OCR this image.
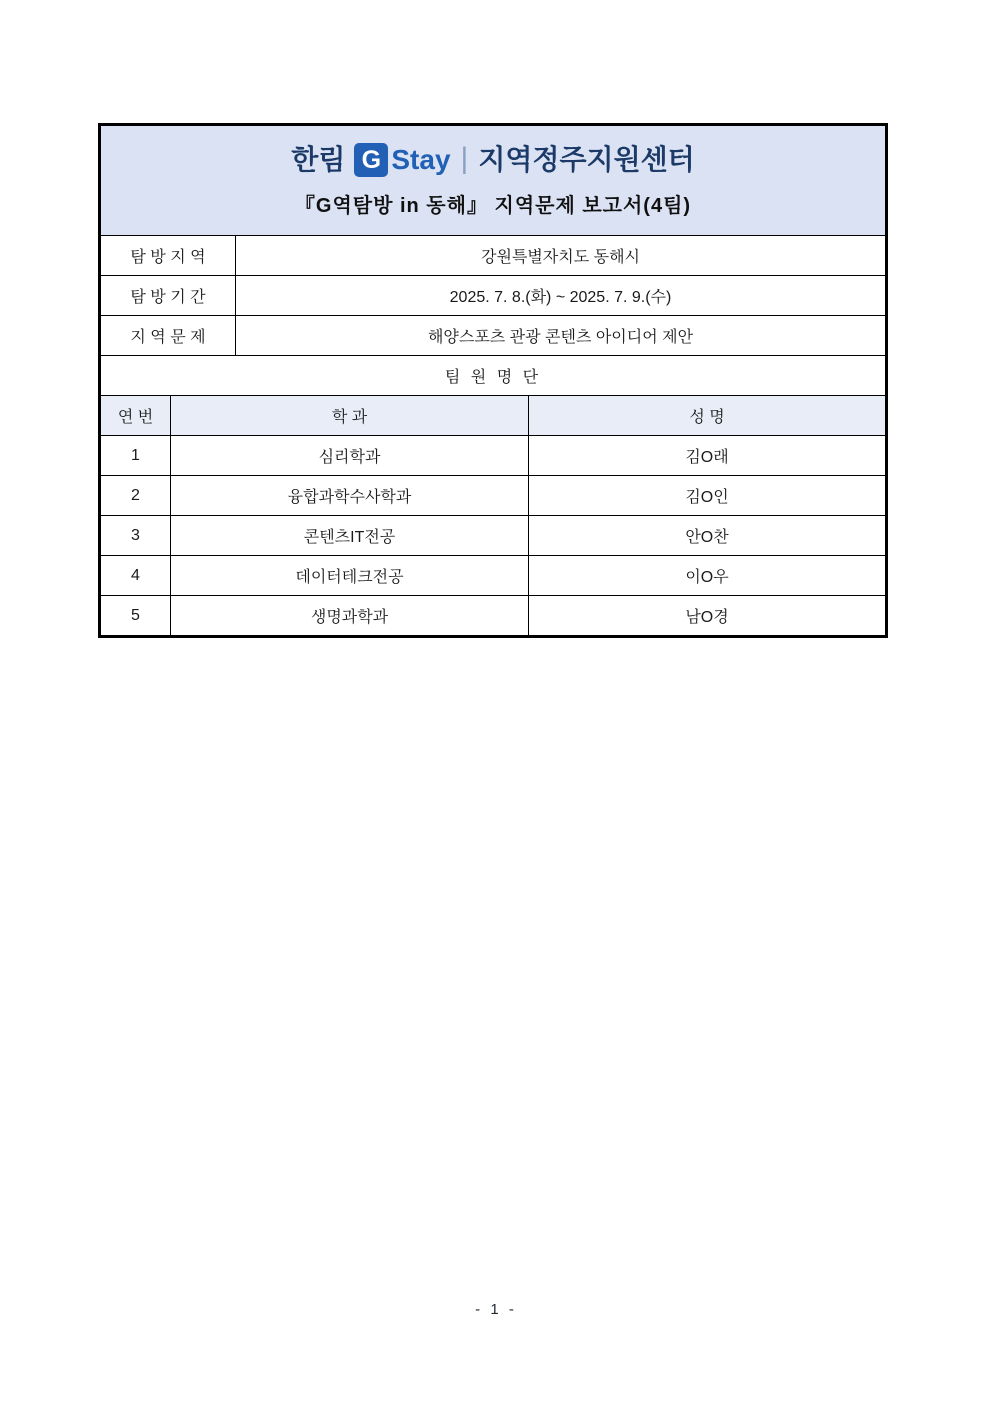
한림 G Stay | 지역정주지원센터
『G역탐방 in 동해』 지역문제 보고서(4팀)
탐 방 지 역	강원특별자치도 동해시
탐 방 기 간	2025. 7. 8.(화) ~ 2025. 7. 9.(수)
지 역 문 제	해양스포츠 관광 콘텐츠 아이디어 제안
팀 원 명 단
연 번	학 과	성 명
1	심리학과	김O래
2	융합과학수사학과	김O인
3	콘텐츠IT전공	안O찬
4	데이터테크전공	이O우
5	생명과학과	남O경
- 1 -
